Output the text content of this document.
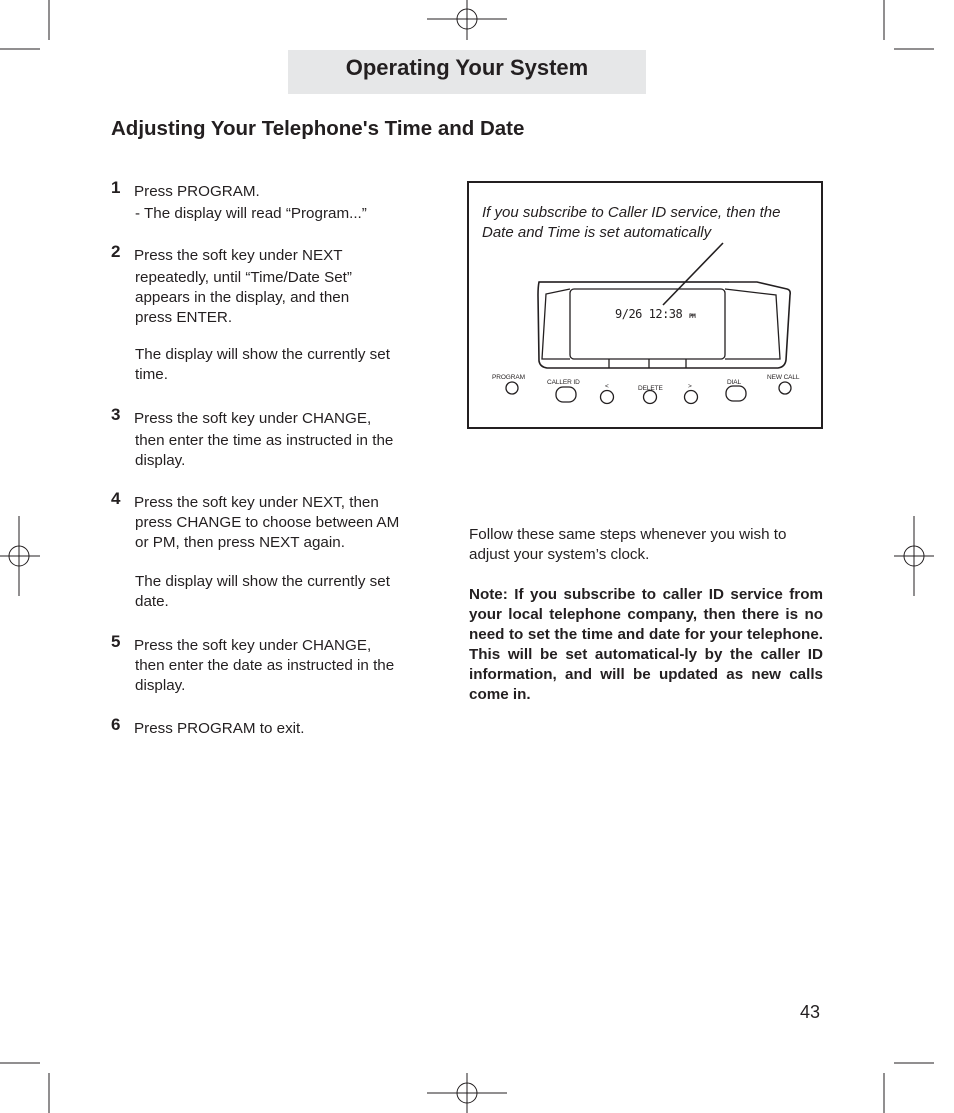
Operating Your System
Adjusting Your Telephone's Time and Date
1 Press PROGRAM.
- The display will read “Program...”
2 Press the soft key under NEXT
repeatedly, until “Time/Date Set” appears in the display, and then press ENTER.
The display will show the currently set time.
3 Press the soft key under CHANGE,
then enter the time as instructed in the display.
4 Press the soft key under NEXT, then
press CHANGE to choose between AM or PM, then press NEXT again.
The display will show the currently set date.
5 Press the soft key under CHANGE,
then enter the date as instructed in the display.
6 Press PROGRAM to exit.
If you subscribe to Caller ID service, then the Date and Time is set automatically
9/26 12:38 PM
PROGRAM
CALLER ID
<	DELETE	>
DIAL
NEW CALL
Follow these same steps whenever you wish to adjust your system’s clock.
Note: If you subscribe to caller ID service from your local telephone company, then there is no need to set the time and date for your telephone. This will be set automatical-ly by the caller ID information, and will be updated as new calls come in.
43
